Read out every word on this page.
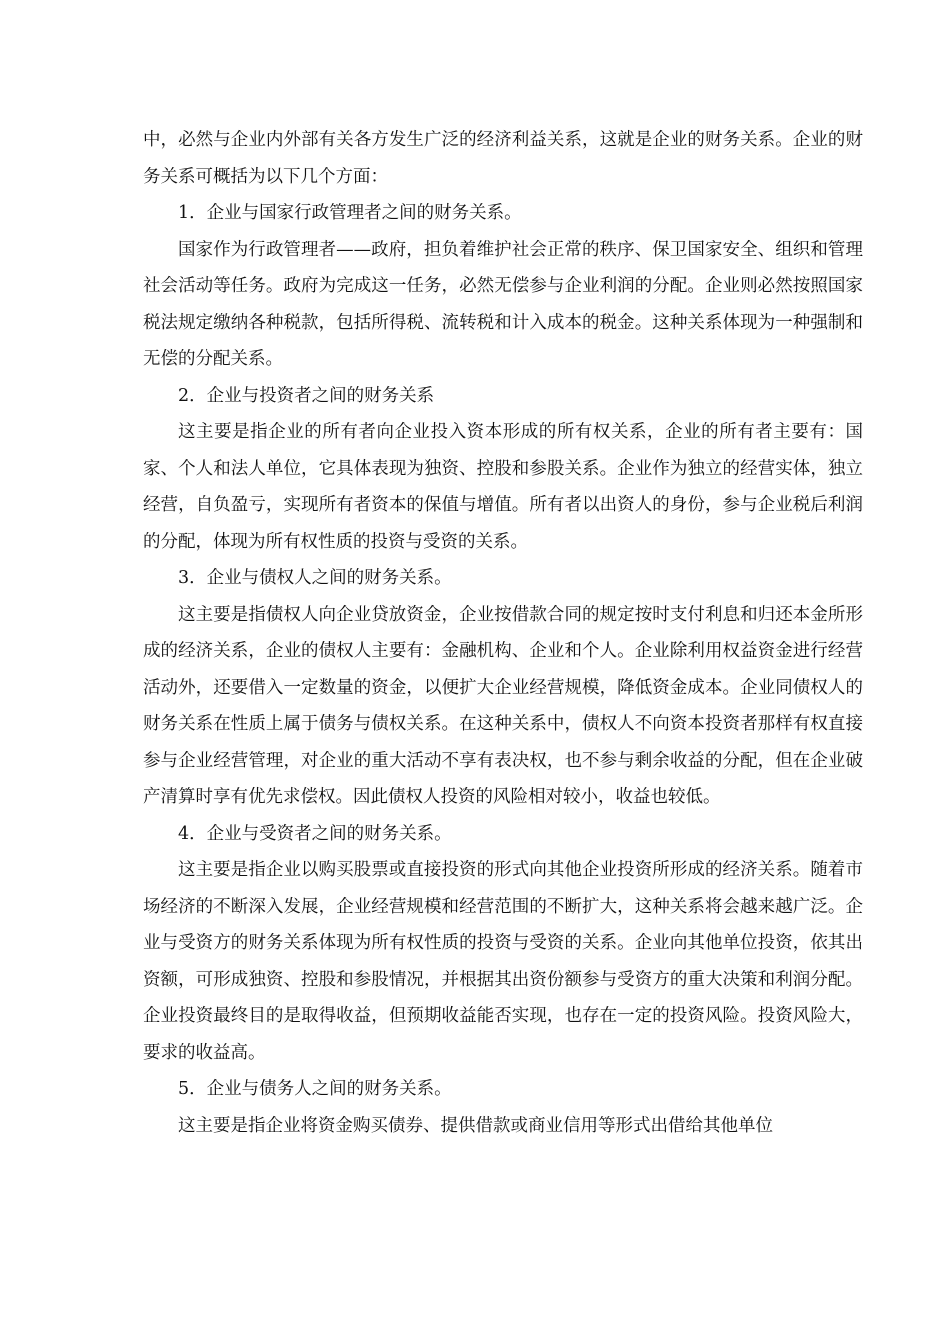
中，必然与企业内外部有关各方发生广泛的经济利益关系，这就是企业的财务关系。企业的财务关系可概括为以下几个方面：

1．企业与国家行政管理者之间的财务关系。

国家作为行政管理者——政府，担负着维护社会正常的秩序、保卫国家安全、组织和管理社会活动等任务。政府为完成这一任务，必然无偿参与企业利润的分配。企业则必然按照国家税法规定缴纳各种税款，包括所得税、流转税和计入成本的税金。这种关系体现为一种强制和无偿的分配关系。

2．企业与投资者之间的财务关系

这主要是指企业的所有者向企业投入资本形成的所有权关系，企业的所有者主要有：国家、个人和法人单位，它具体表现为独资、控股和参股关系。企业作为独立的经营实体，独立经营，自负盈亏，实现所有者资本的保值与增值。所有者以出资人的身份，参与企业税后利润的分配，体现为所有权性质的投资与受资的关系。

3．企业与债权人之间的财务关系。

这主要是指债权人向企业贷放资金，企业按借款合同的规定按时支付利息和归还本金所形成的经济关系，企业的债权人主要有：金融机构、企业和个人。企业除利用权益资金进行经营活动外，还要借入一定数量的资金，以便扩大企业经营规模，降低资金成本。企业同债权人的财务关系在性质上属于债务与债权关系。在这种关系中，债权人不向资本投资者那样有权直接参与企业经营管理，对企业的重大活动不享有表决权，也不参与剩余收益的分配，但在企业破产清算时享有优先求偿权。因此债权人投资的风险相对较小，收益也较低。

4．企业与受资者之间的财务关系。

这主要是指企业以购买股票或直接投资的形式向其他企业投资所形成的经济关系。随着市场经济的不断深入发展，企业经营规模和经营范围的不断扩大，这种关系将会越来越广泛。企业与受资方的财务关系体现为所有权性质的投资与受资的关系。企业向其他单位投资，依其出资额，可形成独资、控股和参股情况，并根据其出资份额参与受资方的重大决策和利润分配。企业投资最终目的是取得收益，但预期收益能否实现，也存在一定的投资风险。投资风险大，要求的收益高。

5．企业与债务人之间的财务关系。

这主要是指企业将资金购买债券、提供借款或商业信用等形式出借给其他单位
